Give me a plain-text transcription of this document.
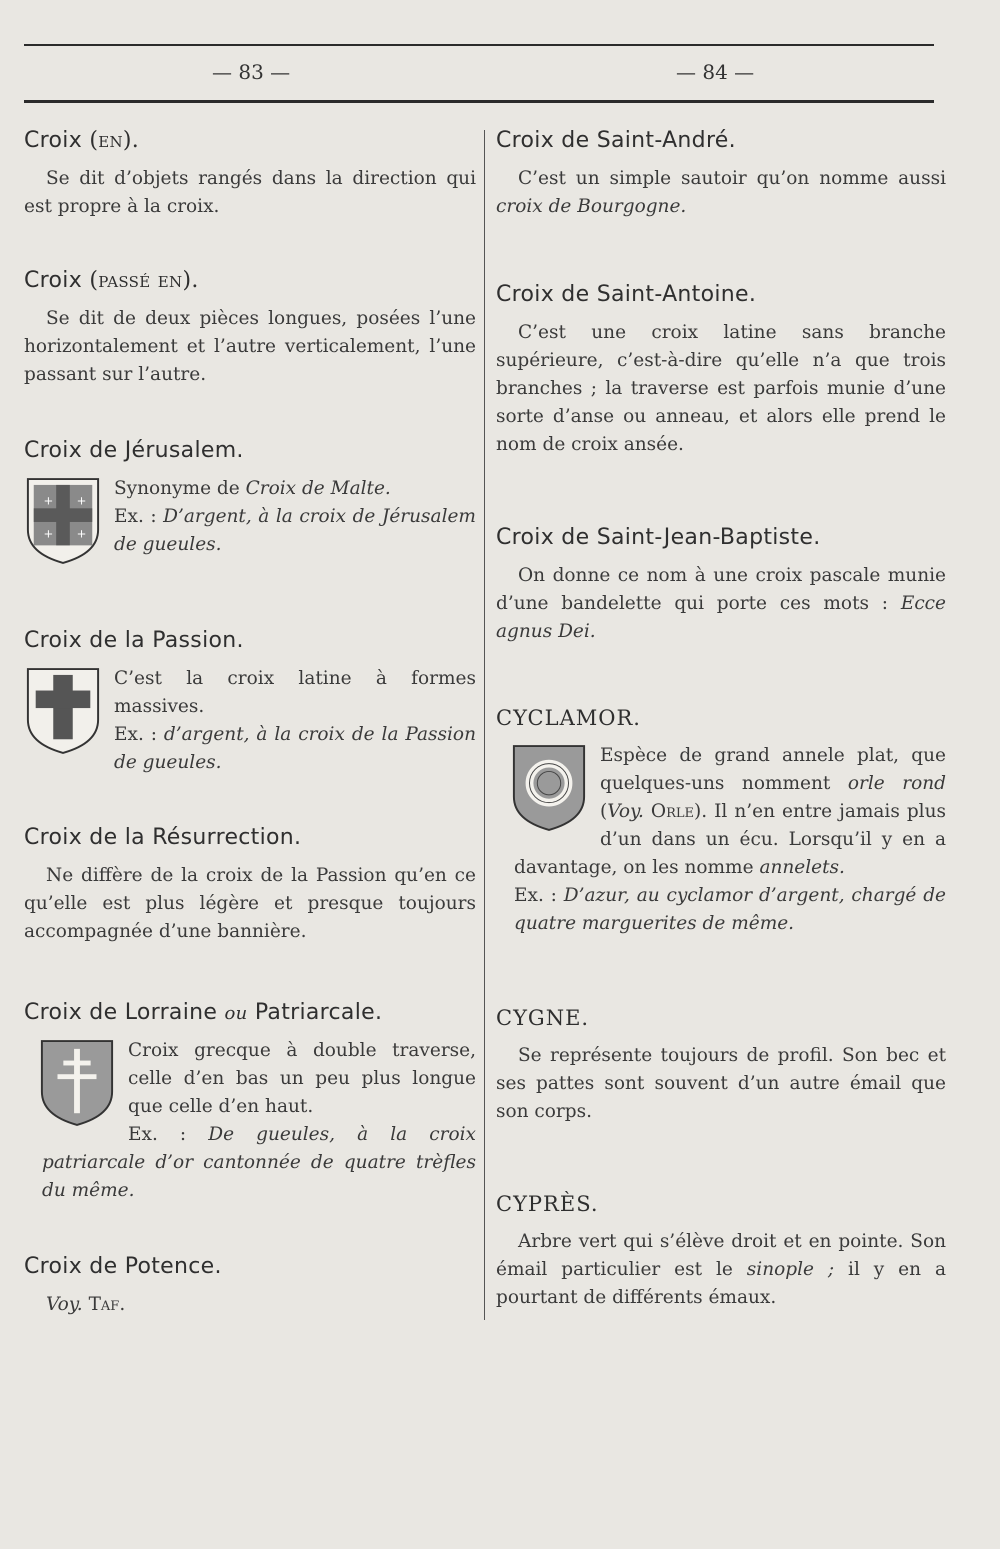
— 83 —	— 84 —
Croix (en).

Se dit d’objets rangés dans la direction qui est propre à la croix.

Croix (passé en).

Se dit de deux pièces longues, posées l’une horizontalement et l’autre verticalement, l’une passant sur l’autre.

Croix de Jérusalem.
+ +
+ +

Synonyme de Croix de Malte.
Ex. : D’argent, à la croix de Jérusalem de gueules.

Croix de la Passion.

C’est la croix latine à formes massives.
Ex. : d’argent, à la croix de la Passion de gueules.

Croix de la Résurrection.

Ne diffère de la croix de la Passion qu’en ce qu’elle est plus légère et presque toujours accompagnée d’une bannière.

Croix de Lorraine ou Patriarcale.

Croix grecque à double traverse, celle d’en bas un peu plus longue que celle d’en haut.
Ex. : De gueules, à la croix patriarcale d’or cantonnée de quatre trèfles du même.

Croix de Potence.

Voy. Taf.

Croix de Saint-André.

C’est un simple sautoir qu’on nomme aussi croix de Bourgogne.

Croix de Saint-Antoine.

C’est une croix latine sans branche supérieure, c’est-à-dire qu’elle n’a que trois branches ; la traverse est parfois munie d’une sorte d’anse ou anneau, et alors elle prend le nom de croix ansée.

Croix de Saint-Jean-Baptiste.

On donne ce nom à une croix pascale munie d’une bandelette qui porte ces mots : Ecce agnus Dei.

CYCLAMOR.

Espèce de grand annele plat, que quelques-uns nomment orle rond (Voy. Orle). Il n’en entre jamais plus d’un dans un écu. Lorsqu’il y en a davantage, on les nomme annelets.
Ex. : D’azur, au cyclamor d’argent, chargé de quatre marguerites de même.

CYGNE.

Se représente toujours de profil. Son bec et ses pattes sont souvent d’un autre émail que son corps.

CYPRÈS.

Arbre vert qui s’élève droit et en pointe. Son émail particulier est le sinople ; il y en a pourtant de différents émaux.
